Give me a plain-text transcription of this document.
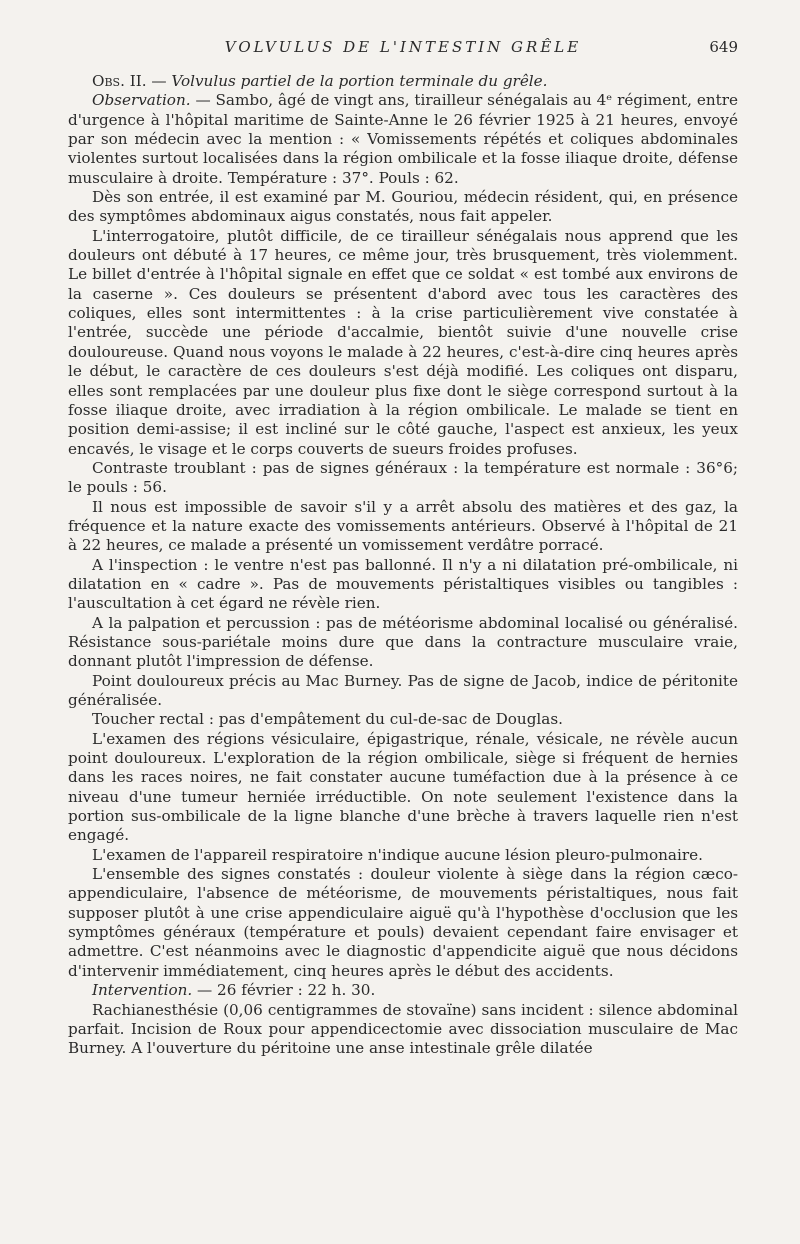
VOLVULUS DE L'INTESTIN GRÊLE	649

Obs. II. — Volvulus partiel de la portion terminale du grêle.

Observation. — Sambo, âgé de vingt ans, tirailleur sénégalais au 4ᵉ régiment, entre d'urgence à l'hôpital maritime de Sainte-Anne le 26 février 1925 à 21 heures, envoyé par son médecin avec la mention : « Vomissements répétés et coliques abdominales violentes surtout localisées dans la région ombilicale et la fosse iliaque droite, défense musculaire à droite. Température : 37°. Pouls : 62.

Dès son entrée, il est examiné par M. Gouriou, médecin résident, qui, en présence des symptômes abdominaux aigus constatés, nous fait appeler.

L'interrogatoire, plutôt difficile, de ce tirailleur sénégalais nous apprend que les douleurs ont débuté à 17 heures, ce même jour, très brusquement, très violemment. Le billet d'entrée à l'hôpital signale en effet que ce soldat « est tombé aux environs de la caserne ». Ces douleurs se présentent d'abord avec tous les caractères des coliques, elles sont intermittentes : à la crise particulièrement vive constatée à l'entrée, succède une période d'accalmie, bientôt suivie d'une nouvelle crise douloureuse. Quand nous voyons le malade à 22 heures, c'est-à-dire cinq heures après le début, le caractère de ces douleurs s'est déjà modifié. Les coliques ont disparu, elles sont remplacées par une douleur plus fixe dont le siège correspond surtout à la fosse iliaque droite, avec irradiation à la région ombilicale. Le malade se tient en position demi-assise; il est incliné sur le côté gauche, l'aspect est anxieux, les yeux encavés, le visage et le corps couverts de sueurs froides profuses.

Contraste troublant : pas de signes généraux : la température est normale : 36°6; le pouls : 56.

Il nous est impossible de savoir s'il y a arrêt absolu des matières et des gaz, la fréquence et la nature exacte des vomissements antérieurs. Observé à l'hôpital de 21 à 22 heures, ce malade a présenté un vomissement verdâtre porracé.

A l'inspection : le ventre n'est pas ballonné. Il n'y a ni dilatation pré-ombilicale, ni dilatation en « cadre ». Pas de mouvements péristaltiques visibles ou tangibles : l'auscultation à cet égard ne révèle rien.

A la palpation et percussion : pas de météorisme abdominal localisé ou généralisé. Résistance sous-pariétale moins dure que dans la contracture musculaire vraie, donnant plutôt l'impression de défense.

Point douloureux précis au Mac Burney. Pas de signe de Jacob, indice de péritonite généralisée.

Toucher rectal : pas d'empâtement du cul-de-sac de Douglas.

L'examen des régions vésiculaire, épigastrique, rénale, vésicale, ne révèle aucun point douloureux. L'exploration de la région ombilicale, siège si fréquent de hernies dans les races noires, ne fait constater aucune tuméfaction due à la présence à ce niveau d'une tumeur herniée irréductible. On note seulement l'existence dans la portion sus-ombilicale de la ligne blanche d'une brèche à travers laquelle rien n'est engagé.

L'examen de l'appareil respiratoire n'indique aucune lésion pleuro-pulmonaire.

L'ensemble des signes constatés : douleur violente à siège dans la région cæco-appendiculaire, l'absence de météorisme, de mouvements péristaltiques, nous fait supposer plutôt à une crise appendiculaire aiguë qu'à l'hypothèse d'occlusion que les symptômes généraux (température et pouls) devaient cependant faire envisager et admettre. C'est néanmoins avec le diagnostic d'appendicite aiguë que nous décidons d'intervenir immédiatement, cinq heures après le début des accidents.

Intervention. — 26 février : 22 h. 30.

Rachianesthésie (0,06 centigrammes de stovaïne) sans incident : silence abdominal parfait. Incision de Roux pour appendicectomie avec dissociation musculaire de Mac Burney. A l'ouverture du péritoine une anse intestinale grêle dilatée
